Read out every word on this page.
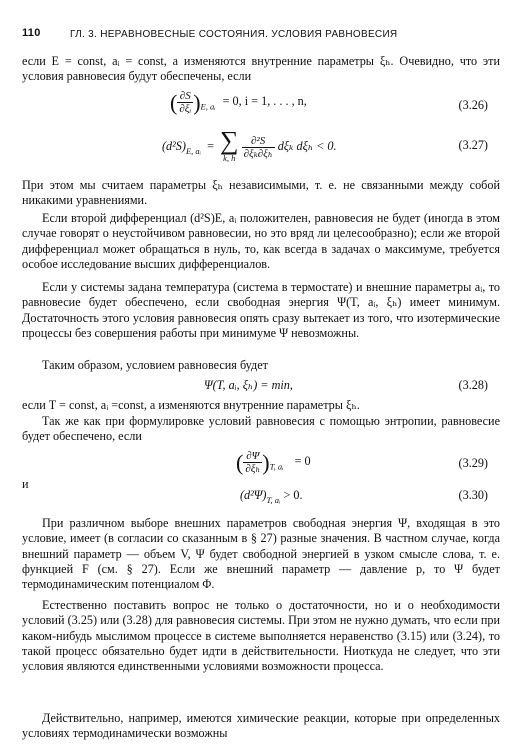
110	ГЛ. 3. НЕРАВНОВЕСНЫЕ СОСТОЯНИЯ. УСЛОВИЯ РАВНОВЕСИЯ

если E = const, aᵢ = const, а изменяются внутренние параметры ξₕ. Очевидно, что эти условия равновесия будут обеспечены, если

( $\frac{\partial S}{\text{∂ξᵢ}} )_{E, aᵢ} = 0$, i = 1, . . . , n,	(3.26)
$(d^2S)_{E, aᵢ}$ = ∑
k, h
$\frac{\text{∂²S}}{\text{∂ξₖ∂ξₕ}}$ dξₖ dξₕ < 0.	(3.27)

При этом мы считаем параметры ξₕ независимыми, т. е. не связанными между собой никакими уравнениями.

Если второй дифференциал (d²S)E, aᵢ положителен, равновесия не будет (иногда в этом случае говорят о неустойчивом равновесии, но это вряд ли целесообразно); если же второй дифференциал может обращаться в нуль, то, как всегда в задачах о максимуме, требуется особое исследование высших дифференциалов.

Если у системы задана температура (система в термостате) и внешние параметры aᵢ, то равновесие будет обеспечено, если свободная энергия Ψ(T, aᵢ, ξₕ) имеет минимум. Достаточность этого условия равновесия опять сразу вытекает из того, что изотермические процессы без совершения работы при минимуме Ψ невозможны.

Таким образом, условием равновесия будет

Ψ(T, aᵢ, ξₕ) = min,	(3.28)

если T = const, aᵢ =const, а изменяются внутренние параметры ξₕ.

Так же как при формулировке условий равновесия с помощью энтропии, равновесие будет обеспечено, если

( $\frac{\partial\Psi}{\text{∂ξₕ}} )_{T, aᵢ} = 0$	(3.29)
и
$(d^2\Psi)_{T, aᵢ} > 0$.	(3.30)

При различном выборе внешних параметров свободная энергия Ψ, входящая в это условие, имеет (в согласии со сказанным в § 27) разные значения. В частном случае, когда внешний параметр — объем V, Ψ будет свободной энергией в узком смысле слова, т. е. функцией F (см. § 27). Если же внешний параметр — давление p, то Ψ будет термодинамическим потенциалом Φ.

Естественно поставить вопрос не только о достаточности, но и о необходимости условий (3.25) или (3.28) для равновесия системы. При этом не нужно думать, что если при каком-нибудь мыслимом процессе в системе выполняется неравенство (3.15) или (3.24), то такой процесс обязательно будет идти в действительности. Ниоткуда не следует, что эти условия являются единственными условиями возможности процесса.

Действительно, например, имеются химические реакции, которые при определенных условиях термодинамически возможны
